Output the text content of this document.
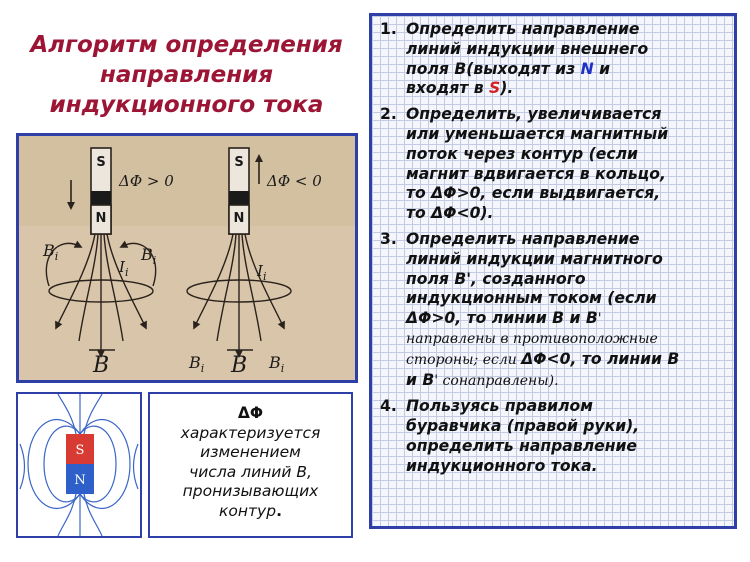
Алгоритм определения
направления
индукционного тока
S
N
ΔΦ > 0
$B_i$	$B_i$
$I_i$
B
S
N
ΔΦ < 0
$I_i$
$B_i$ B $B_i$
S
N
ΔΦ
характеризуется
изменением
числа линий B,
пронизывающих
контур.
1. Определить направление
линий индукции внешнего
поля B(выходят из N и
входят в S).
2. Определить, увеличивается
или уменьшается магнитный
поток через контур (если
магнит вдвигается в кольцо,
то ΔΦ>0, если выдвигается,
то ΔΦ<0).
3. Определить направление
линий индукции магнитного
поля B', созданного
индукционным током (если
ΔΦ>0, то линии B и B'
направлены в противоположные
стороны; если ΔΦ<0, то линии B
и B' сонаправлены).
4. Пользуясь правилом
буравчика (правой руки),
определить направление
индукционного тока.
